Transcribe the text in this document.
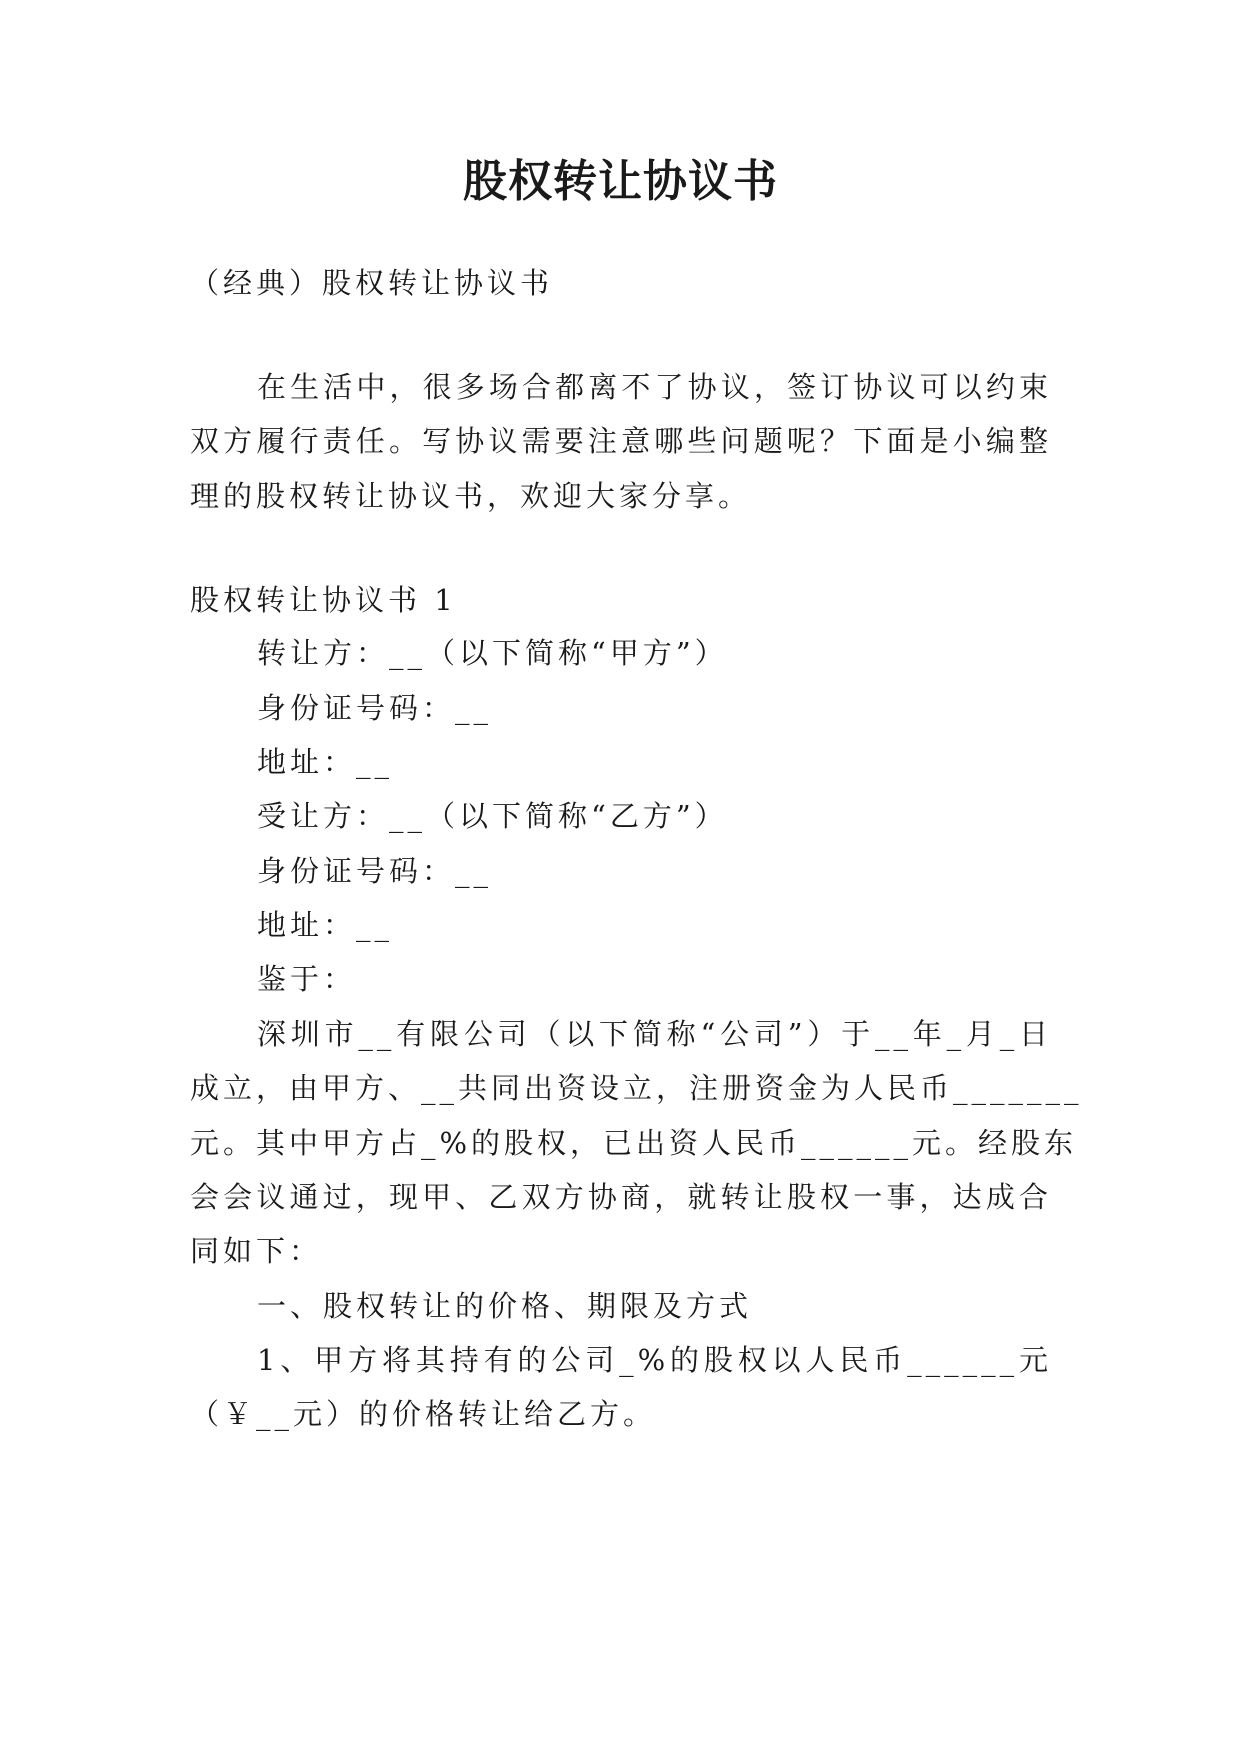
股权转让协议书
（经典）股权转让协议书
在生活中，很多场合都离不了协议，签订协议可以约束
双方履行责任。写协议需要注意哪些问题呢？下面是小编整
理的股权转让协议书，欢迎大家分享。
股权转让协议书 1
转让方：__（以下简称“甲方”）
身份证号码：__
地址：__
受让方：__（以下简称“乙方”）
身份证号码：__
地址：__
鉴于：
深圳市__有限公司（以下简称“公司”）于__年_月_日
成立，由甲方、__共同出资设立，注册资金为人民币_______
元。其中甲方占_%的股权，已出资人民币______元。经股东
会会议通过，现甲、乙双方协商，就转让股权一事，达成合
同如下：
一、股权转让的价格、期限及方式
1、甲方将其持有的公司_%的股权以人民币______元
（￥__元）的价格转让给乙方。
